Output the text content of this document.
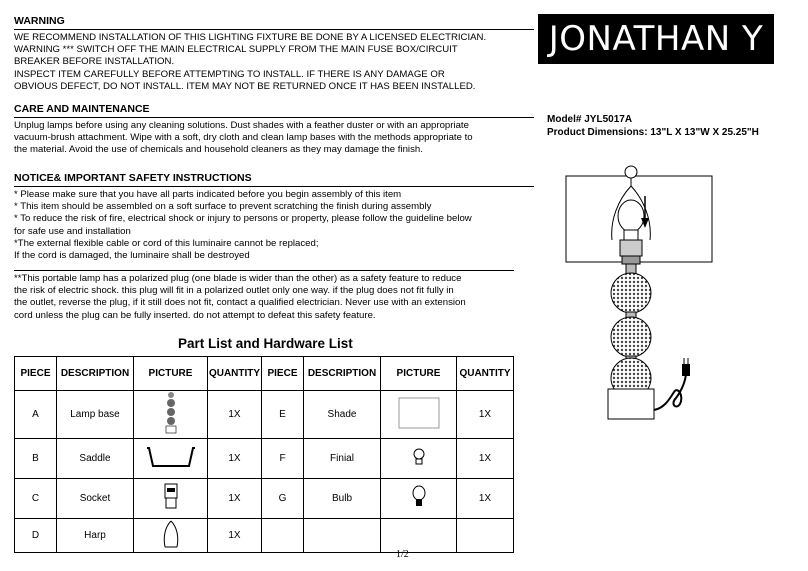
WARNING
WE RECOMMEND INSTALLATION OF THIS LIGHTING FIXTURE BE DONE BY A LICENSED ELECTRICIAN.
WARNING *** SWITCH OFF THE MAIN ELECTRICAL SUPPLY FROM THE MAIN FUSE BOX/CIRCUIT
BREAKER BEFORE INSTALLATION.
INSPECT ITEM CAREFULLY BEFORE ATTEMPTING TO INSTALL. IF THERE IS ANY DAMAGE OR
OBVIOUS DEFECT, DO NOT INSTALL. ITEM MAY NOT BE RETURNED ONCE IT HAS BEEN INSTALLED.
CARE AND MAINTENANCE
Unplug lamps before using any cleaning solutions. Dust shades with a feather duster or with an appropriate
vacuum-brush attachment. Wipe with a soft, dry cloth and clean lamp bases with the methods appropriate to
the material. Avoid the use of chemicals and household cleaners as they may damage the finish.
NOTICE& IMPORTANT SAFETY INSTRUCTIONS
* Please make sure that you have all parts indicated before you begin assembly of this item
* This item should be assembled on a soft surface to prevent scratching the finish during assembly
* To reduce the risk of fire, electrical shock or injury to persons or property, please follow the guideline below
for safe use and installation
*The external flexible cable or cord of this luminaire cannot be replaced;
If the cord is damaged, the luminaire shall be destroyed
**This portable lamp has a polarized plug (one blade is wider than the other) as a safety feature to reduce
the risk of electric shock. this plug will fit in a polarized outlet only one way. if the plug does not fit fully in
the outlet, reverse the plug, if it still does not fit, contact a qualified electrician. Never use with an extension
cord unless the plug can be fully inserted. do not attempt to defeat this safety feature.
JONATHAN Y
Model# JYL5017A
Product Dimensions: 13"L X 13"W X 25.25"H
Part List and Hardware List
PIECE	DESCRIPTION	PICTURE	QUANTITY	PIECE	DESCRIPTION	PICTURE	QUANTITY
A	Lamp base		1X	E	Shade		1X
B	Saddle		1X	F	Finial		1X
C	Socket		1X	G	Bulb		1X
D	Harp		1X				
1/2
